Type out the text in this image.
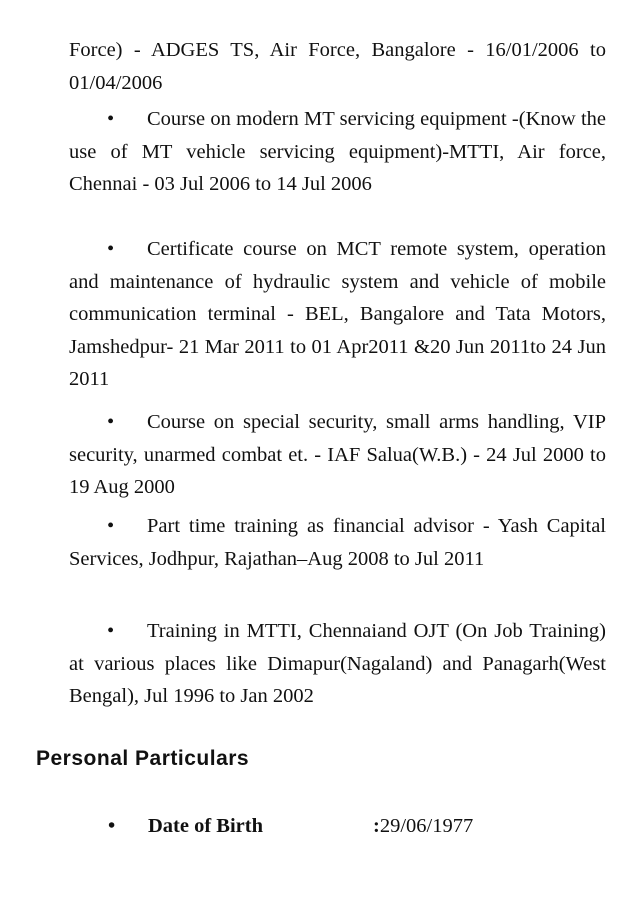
Force) - ADGES TS, Air Force, Bangalore - 16/01/2006 to 01/04/2006

• Course on modern MT servicing equipment -(Know the use of MT vehicle servicing equipment)-MTTI, Air force, Chennai - 03 Jul 2006 to 14 Jul 2006

• Certificate course on MCT remote system, operation and maintenance of hydraulic system and vehicle of mobile communication terminal - BEL, Bangalore and Tata Motors, Jamshedpur- 21 Mar 2011 to 01 Apr2011 &20 Jun 2011to 24 Jun 2011

• Course on special security, small arms handling, VIP security, unarmed combat et. - IAF Salua(W.B.) - 24 Jul 2000 to 19 Aug 2000

• Part time training as financial advisor - Yash Capital Services, Jodhpur, Rajathan–Aug 2008 to Jul 2011

• Training in MTTI, Chennaiand OJT (On Job Training) at various places like Dimapur(Nagaland) and Panagarh(West Bengal), Jul 1996 to Jan 2002

Personal Particulars
• Date of Birth	:29/06/1977
